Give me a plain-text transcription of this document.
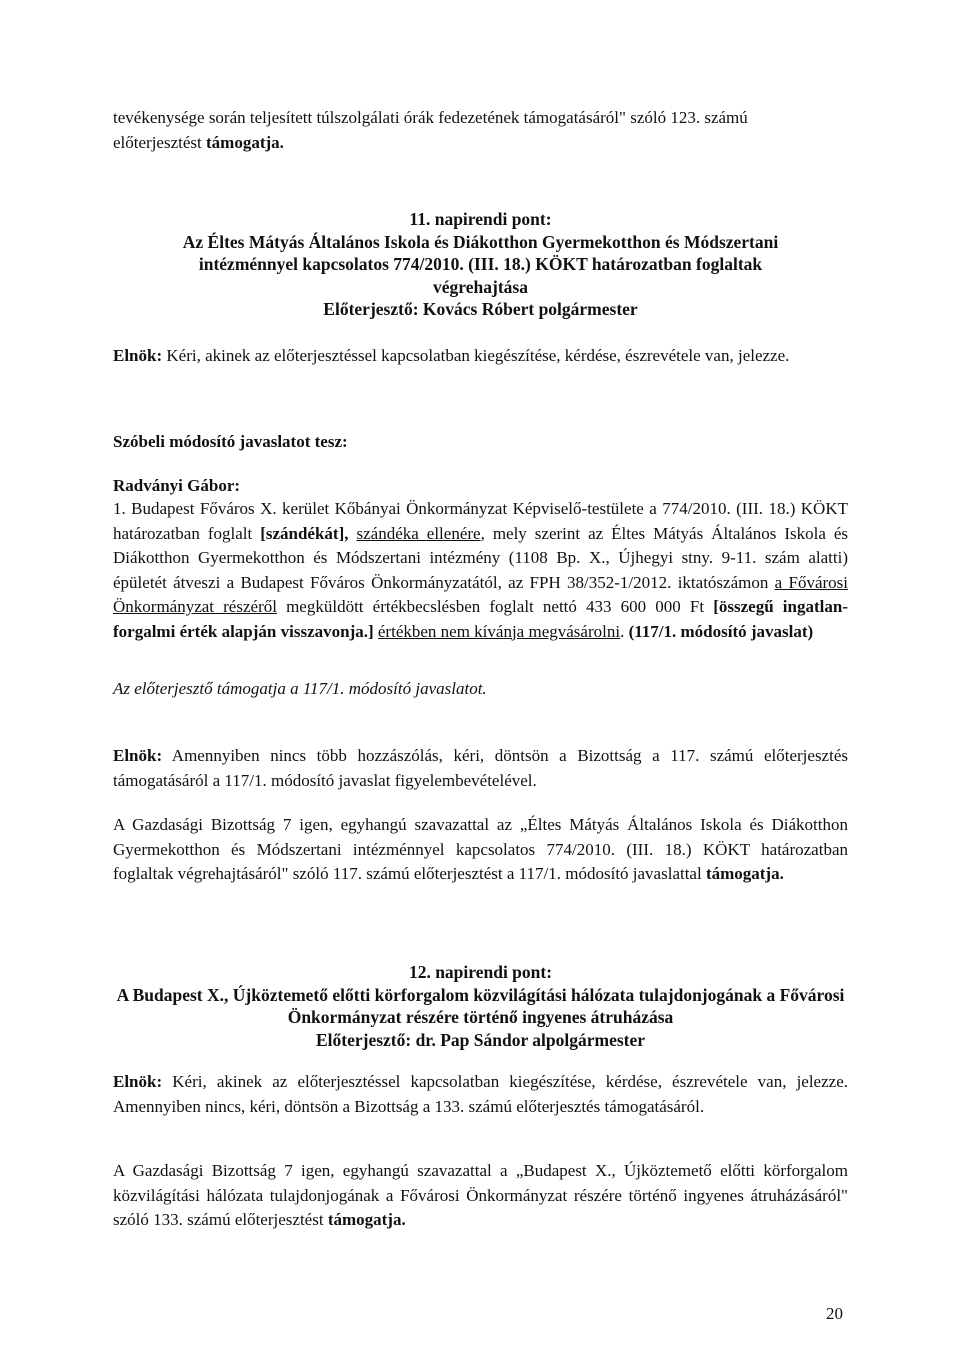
tevékenysége során teljesített túlszolgálati órák fedezetének támogatásáról" szóló 123. számú
előterjesztést támogatja.

11. napirendi pont:
Az Éltes Mátyás Általános Iskola és Diákotthon Gyermekotthon és Módszertani
intézménnyel kapcsolatos 774/2010. (III. 18.) KÖKT határozatban foglaltak
végrehajtása
Előterjesztő: Kovács Róbert polgármester

Elnök: Kéri, akinek az előterjesztéssel kapcsolatban kiegészítése, kérdése, észrevétele van, jelezze.

Szóbeli módosító javaslatot tesz:

Radványi Gábor:

1. Budapest Főváros X. kerület Kőbányai Önkormányzat Képviselő-testülete a 774/2010. (III. 18.) KÖKT határozatban foglalt [szándékát], szándéka ellenére, mely szerint az Éltes Mátyás Általános Iskola és Diákotthon Gyermekotthon és Módszertani intézmény (1108 Bp. X., Újhegyi stny. 9-11. szám alatti) épületét átveszi a Budapest Főváros Önkormányzatától, az FPH 38/352-1/2012. iktatószámon a Fővárosi Önkormányzat részéről megküldött értékbecslésben foglalt nettó 433 600 000 Ft [összegű ingatlan-forgalmi érték alapján visszavonja.] értékben nem kívánja megvásárolni. (117/1. módosító javaslat)

Az előterjesztő támogatja a 117/1. módosító javaslatot.

Elnök: Amennyiben nincs több hozzászólás, kéri, döntsön a Bizottság a 117. számú előterjesztés támogatásáról a 117/1. módosító javaslat figyelembevételével.

A Gazdasági Bizottság 7 igen, egyhangú szavazattal az „Éltes Mátyás Általános Iskola és Diákotthon Gyermekotthon és Módszertani intézménnyel kapcsolatos 774/2010. (III. 18.) KÖKT határozatban foglaltak végrehajtásáról" szóló 117. számú előterjesztést a 117/1. módosító javaslattal támogatja.

12. napirendi pont:
A Budapest X., Újköztemető előtti körforgalom közvilágítási hálózata tulajdonjogának a Fővárosi Önkormányzat részére történő ingyenes átruházása
Előterjesztő: dr. Pap Sándor alpolgármester

Elnök: Kéri, akinek az előterjesztéssel kapcsolatban kiegészítése, kérdése, észrevétele van, jelezze. Amennyiben nincs, kéri, döntsön a Bizottság a 133. számú előterjesztés támogatásáról.

A Gazdasági Bizottság 7 igen, egyhangú szavazattal a „Budapest X., Újköztemető előtti körforgalom közvilágítási hálózata tulajdonjogának a Fővárosi Önkormányzat részére történő ingyenes átruházásáról" szóló 133. számú előterjesztést támogatja.

20
